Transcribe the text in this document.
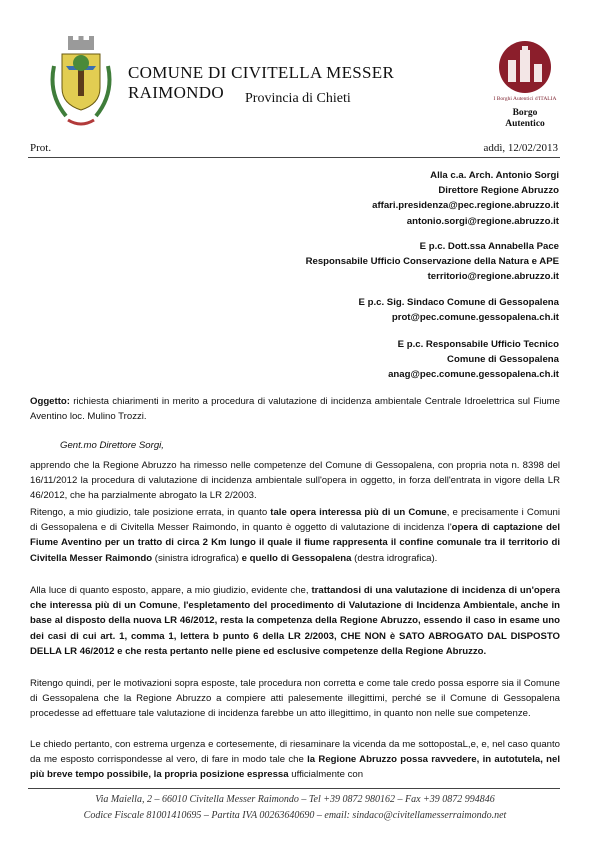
COMUNE DI CIVITELLA MESSER RAIMONDO	Provincia di Chieti	I Borghi Autentici d'ITALIA
Borgo
Autentico
Prot.	addì, 12/02/2013
Alla c.a. Arch. Antonio Sorgi
Direttore Regione Abruzzo
affari.presidenza@pec.regione.abruzzo.it
antonio.sorgi@regione.abruzzo.it
E p.c. Dott.ssa Annabella Pace
Responsabile Ufficio Conservazione della Natura e APE
territorio@regione.abruzzo.it
E p.c. Sig. Sindaco Comune di Gessopalena
prot@pec.comune.gessopalena.ch.it
E p.c. Responsabile Ufficio Tecnico
Comune di Gessopalena
anag@pec.comune.gessopalena.ch.it
Oggetto: richiesta chiarimenti in merito a procedura di valutazione di incidenza ambientale Centrale Idroelettrica sul Fiume Aventino loc. Mulino Trozzi.
Gent.mo Direttore Sorgi,
apprendo che la Regione Abruzzo ha rimesso nelle competenze del Comune di Gessopalena, con propria nota n. 8398 del 16/11/2012 la procedura di valutazione di incidenza ambientale sull'opera in oggetto, in forza dell'entrata in vigore della LR 46/2012, che ha parzialmente abrogato la LR 2/2003.
Ritengo, a mio giudizio, tale posizione errata, in quanto tale opera interessa più di un Comune, e precisamente i Comuni di Gessopalena e di Civitella Messer Raimondo, in quanto è oggetto di valutazione di incidenza l'opera di captazione del Fiume Aventino per un tratto di circa 2 Km lungo il quale il fiume rappresenta il confine comunale tra il territorio di Civitella Messer Raimondo (sinistra idrografica) e quello di Gessopalena (destra idrografica).
Alla luce di quanto esposto, appare, a mio giudizio, evidente che, trattandosi di una valutazione di incidenza di un'opera che interessa più di un Comune, l'espletamento del procedimento di Valutazione di Incidenza Ambientale, anche in base al disposto della nuova LR 46/2012, resta la competenza della Regione Abruzzo, essendo il caso in esame uno dei casi di cui art. 1, comma 1, lettera b punto 6 della LR 2/2003, CHE NON è SATO ABROGATO DAL DISPOSTO DELLA LR 46/2012 e che resta pertanto nelle piene ed esclusive competenze della Regione Abruzzo.
Ritengo quindi, per le motivazioni sopra esposte, tale procedura non corretta e come tale credo possa esporre sia il Comune di Gessopalena che la Regione Abruzzo a compiere atti palesemente illegittimi, perché se il Comune di Gessopalena procedesse ad effettuare tale valutazione di incidenza farebbe un atto illegittimo, in quanto non nelle sue competenze.
Le chiedo pertanto, con estrema urgenza e cortesemente, di riesaminare la vicenda da me sottopostaL,e, e, nel caso quanto da me esposto corrispondesse al vero, di fare in modo tale che la Regione Abruzzo possa ravvedere, in autotutela, nel più breve tempo possibile, la propria posizione espressa ufficialmente con
Via Maiella, 2 – 66010 Civitella Messer Raimondo – Tel +39 0872 980162 – Fax +39 0872 994846
Codice Fiscale 81001410695 – Partita IVA 00263640690 – email: sindaco@civitellamesserraimondo.net
